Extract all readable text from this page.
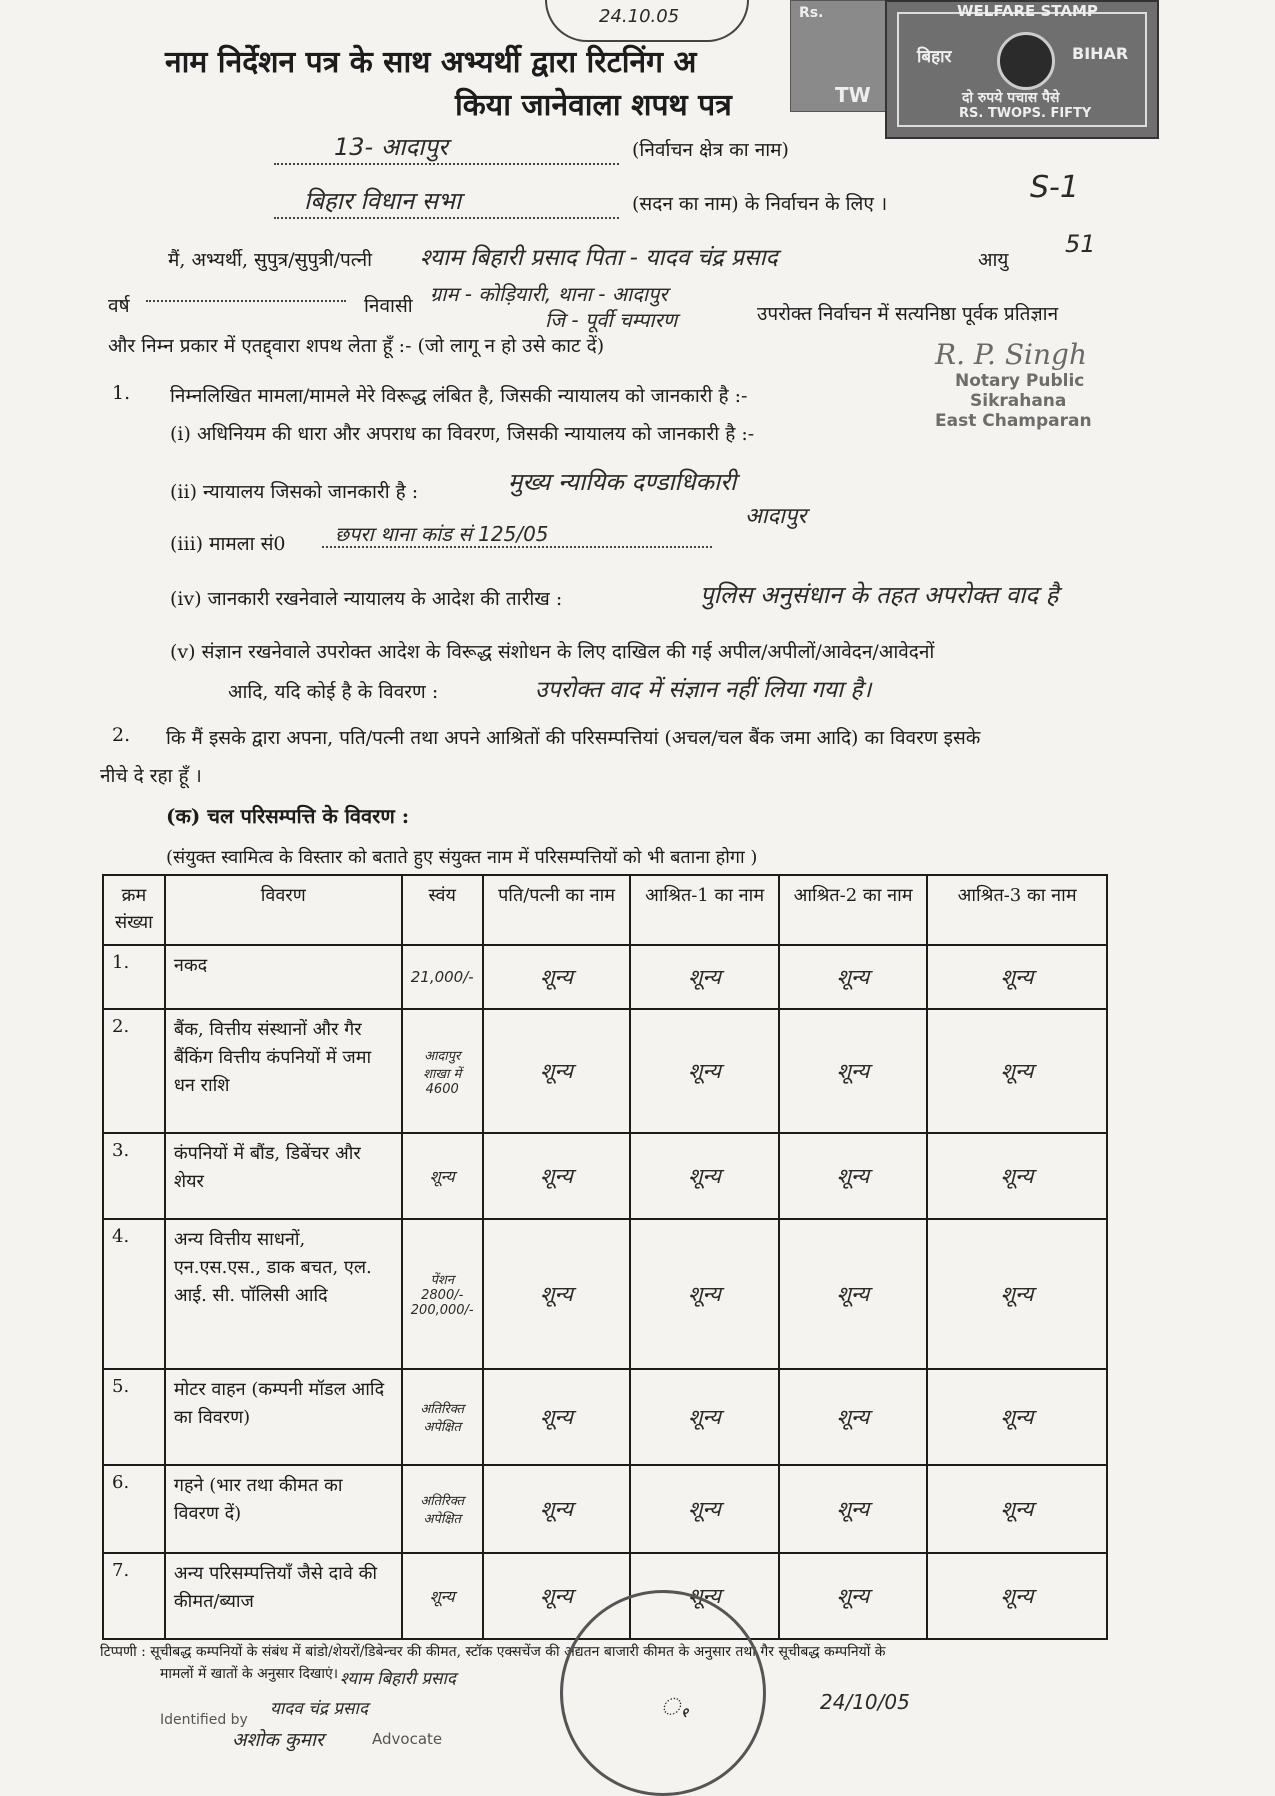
24.10.05
नाम निर्देशन पत्र के साथ अभ्यर्थी द्वारा रिटनिंग अ
किया जानेवाला शपथ पत्र
Rs.
TW
WELFARE STAMP
बिहार	BIHAR
दो रुपये पचास पैसे
RS. TWOPS. FIFTY
13- आदापुर	(निर्वाचन क्षेत्र का नाम)
बिहार विधान सभा	(सदन का नाम) के निर्वाचन के लिए ।	S-1
मैं, अभ्यर्थी, सुपुत्र/सुपुत्री/पत्नी श्याम बिहारी प्रसाद पिता - यादव चंद्र प्रसाद	आयु
51
वर्ष	निवासी ग्राम - कोड़ियारी, थाना - आदापुर
उपरोक्त निर्वाचन में सत्यनिष्ठा पूर्वक प्रतिज्ञान
जि - पूर्वी चम्पारण
और निम्न प्रकार में एतद्द्वारा शपथ लेता हूँ :- (जो लागू न हो उसे काट दें)	R. P. Singh
Notary Public
Sikrahana
East Champaran
1. निम्नलिखित मामला/मामले मेरे विरूद्ध लंबित है, जिसकी न्यायालय को जानकारी है :-
(i) अधिनियम की धारा और अपराध का विवरण, जिसकी न्यायालय को जानकारी है :-
(ii) न्यायालय जिसको जानकारी है :	मुख्य न्यायिक दण्डाधिकारी
आदापुर
(iii) मामला सं0 छपरा थाना कांड सं 125/05
(iv) जानकारी रखनेवाले न्यायालय के आदेश की तारीख :	पुलिस अनुसंधान के तहत अपरोक्त वाद है
(v) संज्ञान रखनेवाले उपरोक्त आदेश के विरूद्ध संशोधन के लिए दाखिल की गई अपील/अपीलों/आवेदन/आवेदनों
आदि, यदि कोई है के विवरण :	उपरोक्त वाद में संज्ञान नहीं लिया गया है।
2. कि मैं इसके द्वारा अपना, पति/पत्नी तथा अपने आश्रितों की परिसम्पत्तियां (अचल/चल बैंक जमा आदि) का विवरण इसके
नीचे दे रहा हूँ ।
(क) चल परिसम्पत्ति के विवरण :
(संयुक्त स्वामित्व के विस्तार को बताते हुए संयुक्त नाम में परिसम्पत्तियों को भी बताना होगा )
क्रम संख्या	विवरण	स्वंय	पति/पत्नी का नाम	आश्रित-1 का नाम	आश्रित-2 का नाम	आश्रित-3 का नाम
1.	नकद	21,000/-	शून्य	शून्य	शून्य	शून्य
2.	बैंक, वित्तीय संस्थानों और गैर बैंकिंग वित्तीय कंपनियों में जमा धन राशि	आदापुर शाखा में 4600	शून्य	शून्य	शून्य	शून्य
3.	कंपनियों में बौंड, डिबेंचर और शेयर	शून्य	शून्य	शून्य	शून्य	शून्य
4.	अन्य वित्तीय साधनों, एन.एस.एस., डाक बचत, एल. आई. सी. पॉलिसी आदि	पेंशन 2800/- 200,000/-	शून्य	शून्य	शून्य	शून्य
5.	मोटर वाहन (कम्पनी मॉडल आदि का विवरण)	अतिरिक्त अपेक्षित	शून्य	शून्य	शून्य	शून्य
6.	गहने (भार तथा कीमत का विवरण दें)	अतिरिक्त अपेक्षित	शून्य	शून्य	शून्य	शून्य
7.	अन्य परिसम्पत्तियाँ जैसे दावे की कीमत/ब्याज	शून्य	शून्य	शून्य	शून्य	शून्य
टिप्पणी : सूचीबद्ध कम्पनियों के संबंध में बांडो/शेयरों/डिबेन्चर की कीमत, स्टॉक एक्सचेंज की अद्यतन बाजारी कीमत के अनुसार तथा गैर सूचीबद्ध कम्पनियों के
मामलों में खातों के अनुसार दिखाएं। श्याम बिहारी प्रसाद
यादव चंद्र प्रसाद
Identified by
अशोक कुमार	Advocate
ꩻ	24/10/05
